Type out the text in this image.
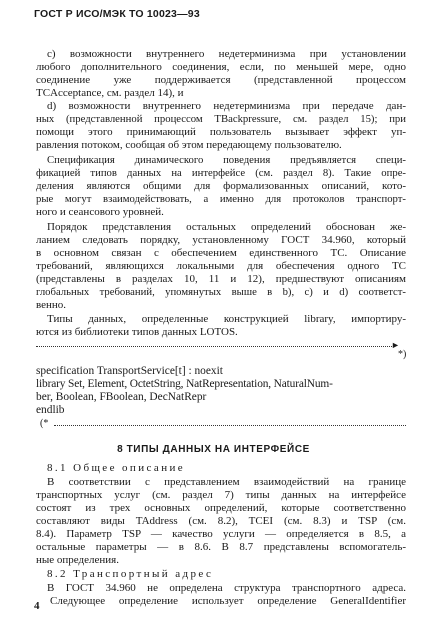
ГОСТ Р ИСО/МЭК ТО 10023—93
c) возможности внутреннего недетерминизма при установлении
любого дополнительного соединения, если, по меньшей мере, одно
соединение уже поддерживается (представленной процессом
TCAcceptance, см. раздел 14), и
d) возможности внутреннего недетерминизма при передаче дан-
ных (представленной процессом TBackpressure, см. раздел 15); при
помощи этого принимающий пользователь вызывает эффект уп-
равления потоком, сообщая об этом передающему пользователю.
Спецификация динамического поведения предъявляется специ-
фикацией типов данных на интерфейсе (см. раздел 8). Такие опре-
деления являются общими для формализованных описаний, кото-
рые могут взаимодействовать, а именно для протоколов транспорт-
ного и сеансового уровней.
Порядок представления остальных определений обоснован же-
ланием следовать порядку, установленному ГОСТ 34.960, который
в основном связан с обеспечением единственного ТС. Описание
требований, являющихся локальными для обеспечения одного ТС
(представлены в разделах 10, 11 и 12), предшествуют описаниям
глобальных требований, упомянутых выше в b), с) и d) соответст-
венно.
Типы данных, определенные конструкцией library, импортиру-
ются из библиотеки типов данных LOTOS.
►
*)
specification TransportService[t] : noexit
library Set, Element, OctetString, NatRepresentation, NaturalNum-
ber, Boolean, FBoolean, DecNatRepr
endlib
(*
8 ТИПЫ ДАННЫХ НА ИНТЕРФЕЙСЕ
8.1 Общее описание
В соответствии с представлением взаимодействий на границе
транспортных услуг (см. раздел 7) типы данных на интерфейсе
состоят из трех основных определений, которые соответственно
составляют виды TAddress (см. 8.2), TCEI (см. 8.3) и TSP (см.
8.4). Параметр TSP — качество услуги — определяется в 8.5, а
остальные параметры — в 8.6. В 8.7 представлены вспомогатель-
ные определения.
8.2 Транспортный адрес
В ГОСТ 34.960 не определена структура транспортного адреса.
Следующее определение использует определение GeneralIdentifier
4
